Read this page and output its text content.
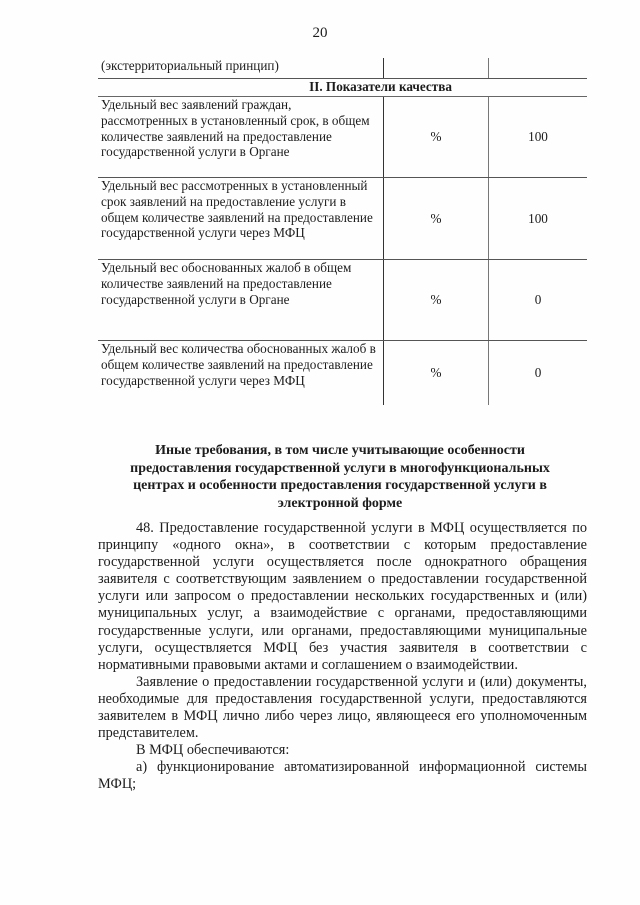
20
(экстерриториальный принцип)		
II. Показатели качества		
Удельный вес заявлений граждан, рассмотренных в установленный срок, в общем количестве заявлений на предоставление государственной услуги в Органе	%	100
Удельный вес рассмотренных в установленный срок заявлений на предоставление услуги в общем количестве заявлений на предоставление государственной услуги через МФЦ	%	100
Удельный вес обоснованных жалоб в общем количестве заявлений на предоставление государственной услуги в Органе	%	0
Удельный вес количества обоснованных жалоб в общем количестве заявлений на предоставление государственной услуги через МФЦ	%	0
Иные требования, в том числе учитывающие особенности предоставления государственной услуги в многофункциональных центрах и особенности предоставления государственной услуги в электронной форме

48. Предоставление государственной услуги в МФЦ осуществляется по принципу «одного окна», в соответствии с которым предоставление государственной услуги осуществляется после однократного обращения заявителя с соответствующим заявлением о предоставлении государственной услуги или запросом о предоставлении нескольких государственных и (или) муниципальных услуг, а взаимодействие с органами, предоставляющими государственные услуги, или органами, предоставляющими муниципальные услуги, осуществляется МФЦ без участия заявителя в соответствии с нормативными правовыми актами и соглашением о взаимодействии.

Заявление о предоставлении государственной услуги и (или) документы, необходимые для предоставления государственной услуги, предоставляются заявителем в МФЦ лично либо через лицо, являющееся его уполномоченным представителем.

В МФЦ обеспечиваются:

а) функционирование автоматизированной информационной системы МФЦ;
